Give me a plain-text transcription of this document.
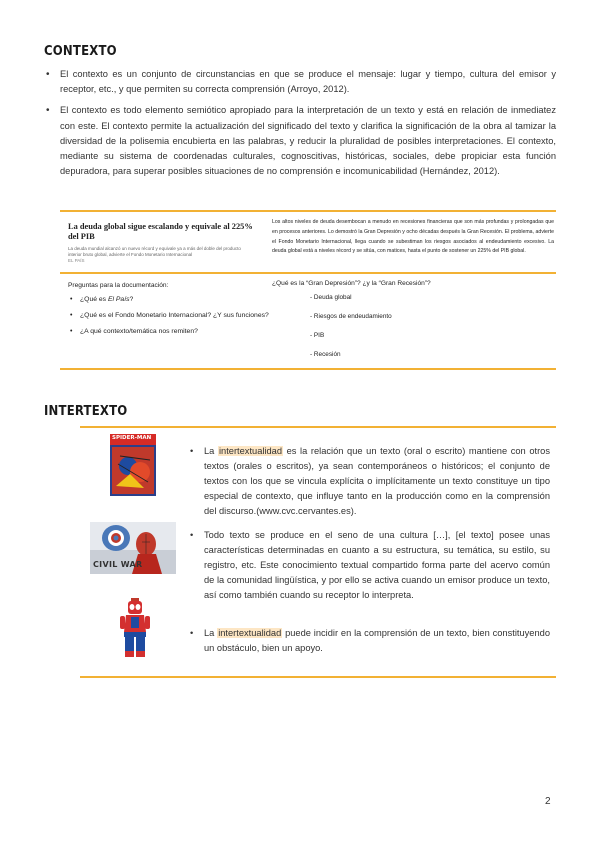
CONTEXTO
• El contexto es un conjunto de circunstancias en que se produce el mensaje: lugar y tiempo, cultura del emisor y receptor, etc., y que permiten su correcta comprensión (Arroyo, 2012).
• El contexto es todo elemento semiótico apropiado para la interpretación de un texto y está en relación de inmediatez con este. El contexto permite la actualización del significado del texto y clarifica la significación de la obra al tamizar la diversidad de la polisemia encubierta en las palabras, y reducir la pluralidad de posibles interpretaciones. El contexto, mediante su sistema de coordenadas culturales, cognoscitivas, históricas, sociales, debe propiciar esta función depuradora, para superar posibles situaciones de no comprensión e incomunicabilidad (Hernández, 2012).
La deuda global sigue escalando y equivale al 225% del PIB
La deuda mundial alcanzó un nuevo récord y equivale ya a más del doble del producto interior bruto global, advierte el Fondo Monetario Internacional
EL PAÍS
Los altos niveles de deuda desembocan a menudo en recesiones financieras que son más profundas y prolongadas que en procesos anteriores. Lo demostró la Gran Depresión y ocho décadas después la Gran Recesión. El problema, advierte el Fondo Monetario Internacional, llega cuando se subestiman los riesgos asociados al endeudamiento excesivo. La deuda global está a niveles récord y se sitúa, con matices, hasta el punto de sostener un 225% del PIB global.

Preguntas para la documentación:

• ¿Qué es El País?
• ¿Qué es el Fondo Monetario Internacional? ¿Y sus funciones?
• ¿A qué contexto/temática nos remiten?

¿Qué es la “Gran Depresión”? ¿y la “Gran Recesión”?

- Deuda global
- Riesgos de endeudamiento
- PIB
- Recesión
INTERTEXTO
SPIDER-MAN
CIVIL WAR

• La intertextualidad es la relación que un texto (oral o escrito) mantiene con otros textos (orales o escritos), ya sean contemporáneos o históricos; el conjunto de textos con los que se vincula explícita o implícitamente un texto constituye un tipo especial de contexto, que influye tanto en la producción como en la comprensión del discurso.(www.cvc.cervantes.es).

• Todo texto se produce en el seno de una cultura […], [el texto] posee unas características determinadas en cuanto a su estructura, su temática, su estilo, su registro, etc. Este conocimiento textual compartido forma parte del acervo común de la comunidad lingüística, y por ello se activa cuando un emisor produce un texto, así como también cuando su receptor lo interpreta.

• La intertextualidad puede incidir en la comprensión de un texto, bien constituyendo un obstáculo, bien un apoyo.

2
